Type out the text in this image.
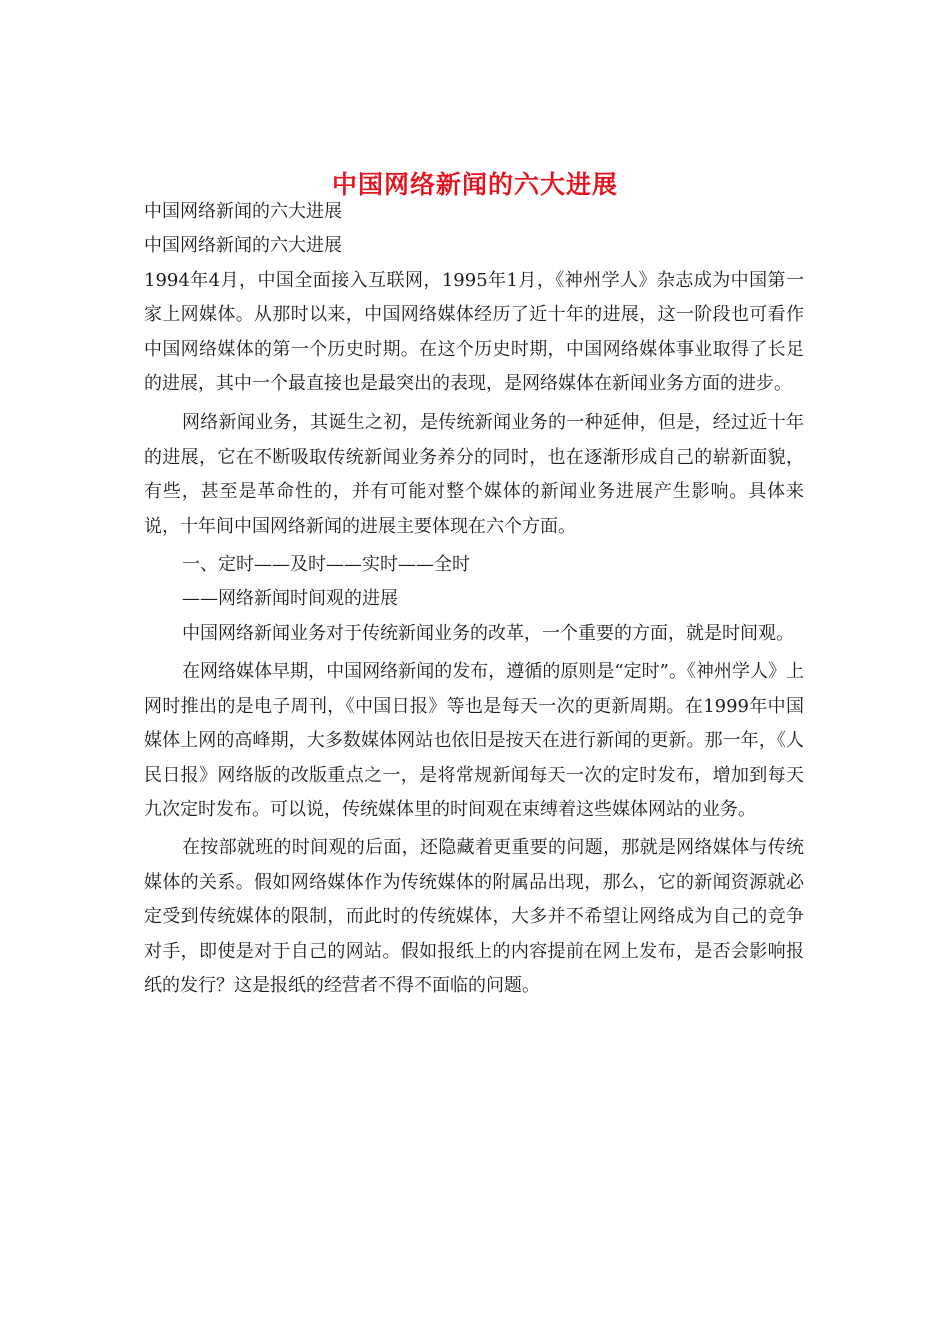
中国网络新闻的六大进展

中国网络新闻的六大进展

中国网络新闻的六大进展

1994年4月，中国全面接入互联网，1995年1月，《神州学人》杂志成为中国第一家上网媒体。从那时以来，中国网络媒体经历了近十年的进展，这一阶段也可看作中国网络媒体的第一个历史时期。在这个历史时期，中国网络媒体事业取得了长足的进展，其中一个最直接也是最突出的表现，是网络媒体在新闻业务方面的进步。

网络新闻业务，其诞生之初，是传统新闻业务的一种延伸，但是，经过近十年的进展，它在不断吸取传统新闻业务养分的同时，也在逐渐形成自己的崭新面貌，有些，甚至是革命性的，并有可能对整个媒体的新闻业务进展产生影响。具体来说，十年间中国网络新闻的进展主要体现在六个方面。

一、定时——及时——实时——全时

——网络新闻时间观的进展

中国网络新闻业务对于传统新闻业务的改革，一个重要的方面，就是时间观。

在网络媒体早期，中国网络新闻的发布，遵循的原则是“定时”。《神州学人》上网时推出的是电子周刊，《中国日报》等也是每天一次的更新周期。在1999年中国媒体上网的高峰期，大多数媒体网站也依旧是按天在进行新闻的更新。那一年，《人民日报》网络版的改版重点之一，是将常规新闻每天一次的定时发布，增加到每天九次定时发布。可以说，传统媒体里的时间观在束缚着这些媒体网站的业务。

在按部就班的时间观的后面，还隐藏着更重要的问题，那就是网络媒体与传统媒体的关系。假如网络媒体作为传统媒体的附属品出现，那么，它的新闻资源就必定受到传统媒体的限制，而此时的传统媒体，大多并不希望让网络成为自己的竞争对手，即使是对于自己的网站。假如报纸上的内容提前在网上发布，是否会影响报纸的发行？这是报纸的经营者不得不面临的问题。
